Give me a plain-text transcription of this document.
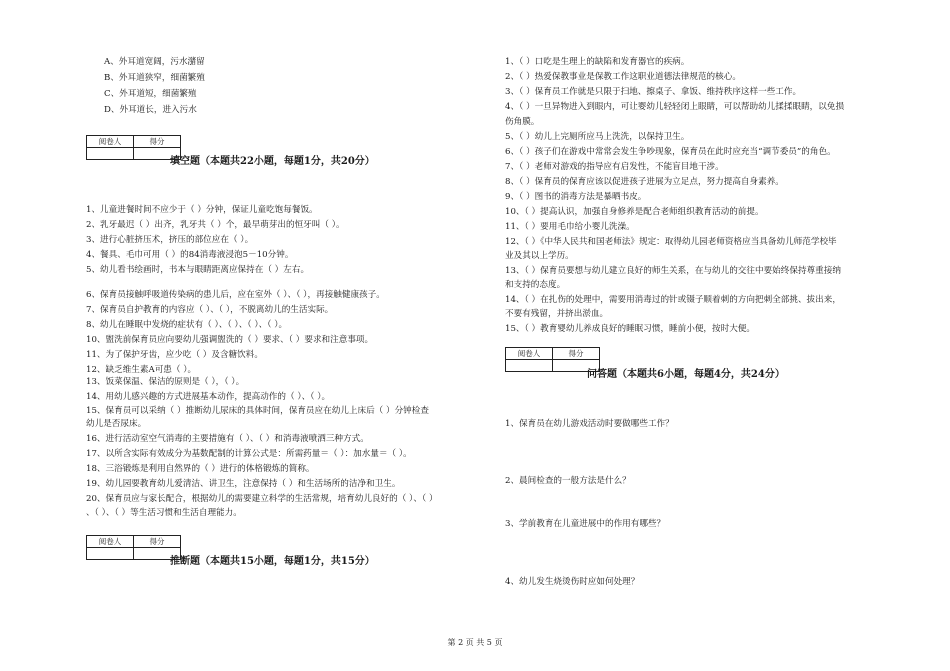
A、外耳道宽阔，污水潴留
B、外耳道狭窄，细菌繁殖
C、外耳道短，细菌繁殖
D、外耳道长，进入污水
阅卷人	得分

填空题（本题共22小题，每题1分，共20分）
1、儿童进餐时间不应少于（ ）分钟，保证儿童吃饱每餐饭。
2、乳牙最迟（ ）出齐，乳牙共（ ）个，最早萌芽出的恒牙叫（ ）。
3、进行心脏挤压术，挤压的部位应在（ ）。
4、餐具、毛巾可用（ ）的84消毒液浸泡5－10分钟。
5、幼儿看书绘画时，书本与眼睛距离应保持在（ ）左右。
6、保育员接触呼吸道传染病的患儿后，应在室外（ ）、（ ），再接触健康孩子。
7、保育员自护教育的内容应（ ）、（ ），不脱离幼儿的生活实际。
8、幼儿在睡眠中发烧的症状有（ ）、（ ）、（ ）、（ ）。
10、盥洗前保育员应向要幼儿强调盥洗的（ ）要求、（ ）要求和注意事项。
11、为了保护牙齿，应少吃（ ）及含糖饮料。
12、缺乏维生素A可患（ ）。
13、饭菜保温、保洁的原则是（ ），（ ）。
14、用幼儿感兴趣的方式进展基本动作，提高动作的（ ）、（ ）。
15、保育员可以采纳（ ）推断幼儿尿床的具体时间，保育员应在幼儿上床后（ ）分钟检查
幼儿是否尿床。
16、进行活动室空气消毒的主要措施有（ ）、（ ）和消毒液喷洒三种方式。
17、以所含实际有效成分为基数配制的计算公式是：所需药量＝（ ）：加水量＝（ ）。
18、三浴锻炼是利用自然界的（ ）进行的体格锻炼的简称。
19、幼儿园要教育幼儿爱清洁、讲卫生，注意保持（ ）和生活场所的洁净和卫生。
20、保育员应与家长配合，根据幼儿的需要建立科学的生活常规，培育幼儿良好的（ ）、（ ）
、（ ）、（ ）等生活习惯和生活自理能力。
阅卷人	得分

推断题（本题共15小题，每题1分，共15分）
1、（ ）口吃是生理上的缺陷和发育器官的疾病。
2、（ ）热爱保教事业是保教工作这职业道德法律规范的核心。
3、（ ）保育员工作就是只限于扫地、擦桌子、拿饭、维持秩序这样一些工作。
4、（ ）一旦异物进入到眼内，可让婴幼儿轻轻闭上眼睛，可以帮助幼儿揉揉眼睛，以免损
伤角膜。
5、（ ）幼儿上完厕所应马上洗洗，以保持卫生。
6、（ ）孩子们在游戏中常常会发生争吵现象，保育员在此时应充当“调节委员”的角色。
7、（ ）老师对游戏的指导应有启发性，不能盲目地干涉。
8、（ ）保育员的保育应该以促进孩子进展为立足点，努力提高自身素养。
9、（ ）图书的消毒方法是暴晒书皮。
10、（ ）提高认识，加强自身修养是配合老师组织教育活动的前提。
11、（ ）要用毛巾给小婴儿洗澡。
12、（ ）《中华人民共和国老师法》规定：取得幼儿园老师资格应当具备幼儿师范学校毕
业及其以上学历。
13、（ ）保育员要想与幼儿建立良好的师生关系，在与幼儿的交往中要始终保持尊重接纳
和支持的态度。
14、（ ）在扎伤的处理中，需要用消毒过的针或镊子顺着刺的方向把刺全部挑、拔出来，
不要有残留，并挤出淤血。
15、（ ）教育婴幼儿养成良好的睡眠习惯，睡前小便，按时大便。
阅卷人	得分

问答题（本题共6小题，每题4分，共24分）
1、保育员在幼儿游戏活动时要做哪些工作？
2、晨间检查的一般方法是什么？
3、学前教育在儿童进展中的作用有哪些？
4、幼儿发生烧烫伤时应如何处理？
第 2 页 共 5 页
